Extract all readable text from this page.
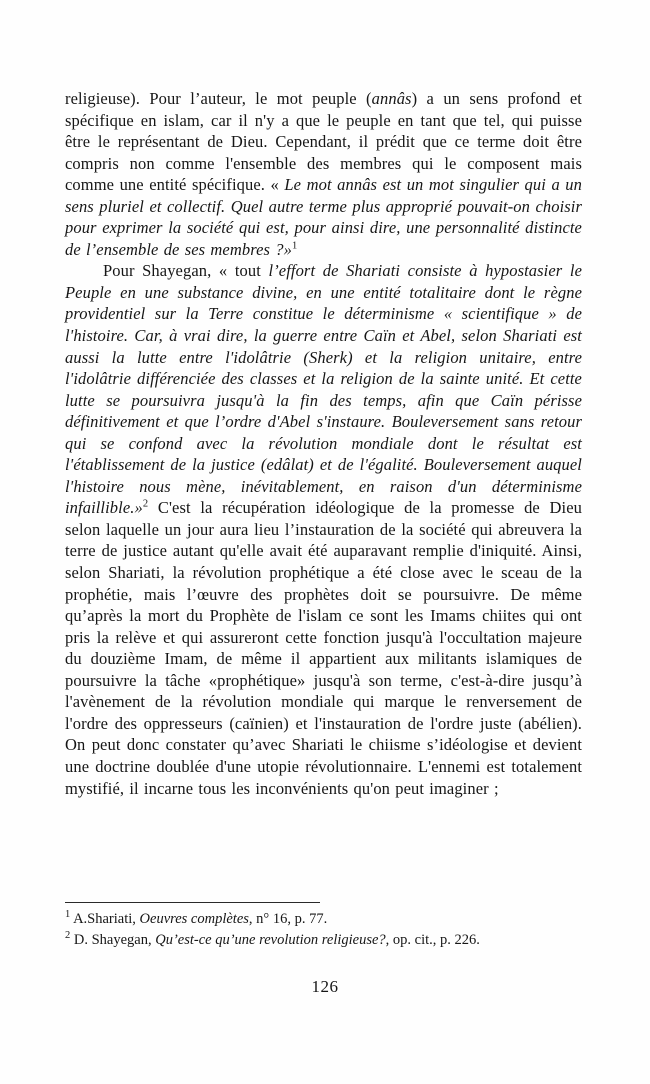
religieuse). Pour l’auteur, le mot peuple (annâs) a un sens profond et spécifique en islam, car il n'y a que le peuple en tant que tel, qui puisse être le représentant de Dieu. Cependant, il prédit que ce terme doit être compris non comme l'ensemble des membres qui le composent mais comme une entité spécifique. « Le mot annâs est un mot singulier qui a un sens pluriel et collectif. Quel autre terme plus approprié pouvait-on choisir pour exprimer la société qui est, pour ainsi dire, une personnalité distincte de l’ensemble de ses membres ?»$^1$

Pour Shayegan, « tout l’effort de Shariati consiste à hypostasier le Peuple en une substance divine, en une entité totalitaire dont le règne providentiel sur la Terre constitue le déterminisme « scientifique » de l'histoire. Car, à vrai dire, la guerre entre Caïn et Abel, selon Shariati est aussi la lutte entre l'idolâtrie (Sherk) et la religion unitaire, entre l'idolâtrie différenciée des classes et la religion de la sainte unité. Et cette lutte se poursuivra jusqu'à la fin des temps, afin que Caïn périsse définitivement et que l’ordre d'Abel s'instaure. Bouleversement sans retour qui se confond avec la révolution mondiale dont le résultat est l'établissement de la justice (edâlat) et de l'égalité. Bouleversement auquel l'histoire nous mène, inévitablement, en raison d'un déterminisme infaillible.»$^2$ C'est la récupération idéologique de la promesse de Dieu selon laquelle un jour aura lieu l’instauration de la société qui abreuvera la terre de justice autant qu'elle avait été auparavant remplie d'iniquité. Ainsi, selon Shariati, la révolution prophétique a été close avec le sceau de la prophétie, mais l’œuvre des prophètes doit se poursuivre. De même qu’après la mort du Prophète de l'islam ce sont les Imams chiites qui ont pris la relève et qui assureront cette fonction jusqu'à l'occultation majeure du douzième Imam, de même il appartient aux militants islamiques de poursuivre la tâche «prophétique» jusqu'à son terme, c'est-à-dire jusqu’à l'avènement de la révolution mondiale qui marque le renversement de l'ordre des oppresseurs (caïnien) et l'instauration de l'ordre juste (abélien). On peut donc constater qu’avec Shariati le chiisme s’idéologise et devient une doctrine doublée d'une utopie révolutionnaire. L'ennemi est totalement mystifié, il incarne tous les inconvénients qu'on peut imaginer ;

$^1$ A.Shariati, Oeuvres complètes, n° 16, p. 77.

$^2$ D. Shayegan, Qu’est-ce qu’une revolution religieuse?, op. cit., p. 226.

126
